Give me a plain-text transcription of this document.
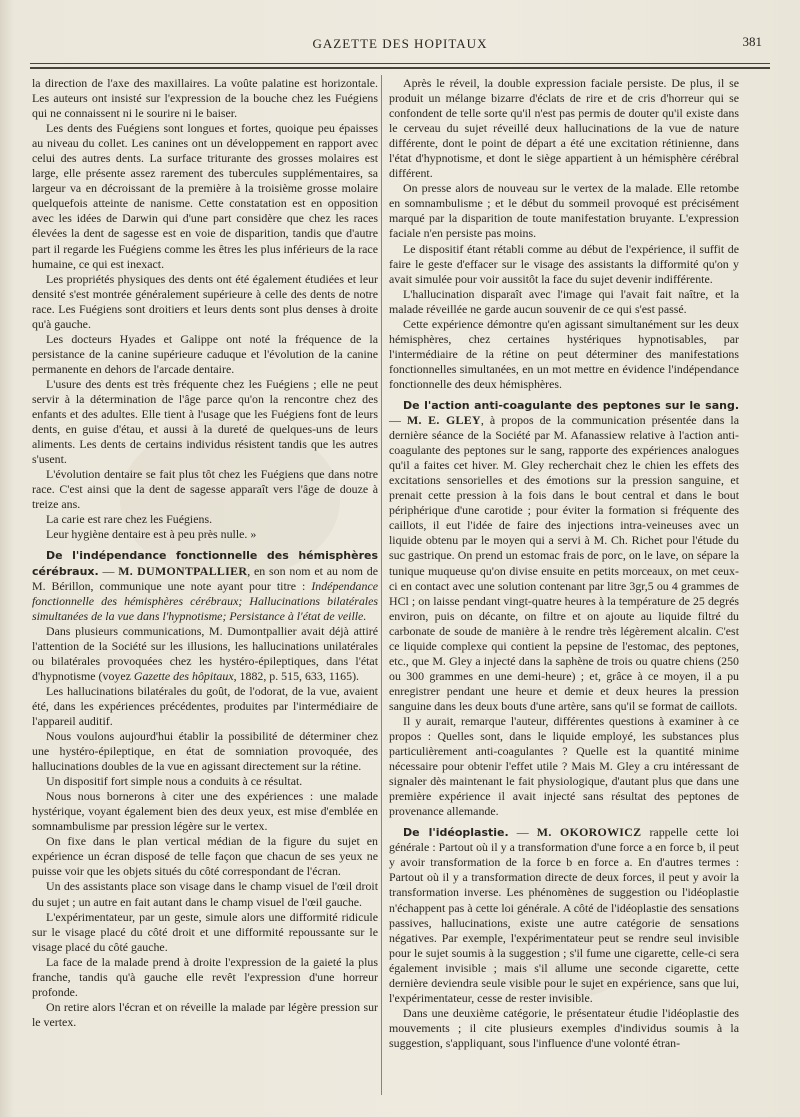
GAZETTE DES HOPITAUX	381

la direction de l'axe des maxillaires. La voûte palatine est horizontale. Les auteurs ont insisté sur l'expression de la bouche chez les Fuégiens qui ne connaissent ni le sourire ni le baiser.

Les dents des Fuégiens sont longues et fortes, quoique peu épaisses au niveau du collet. Les canines ont un développement en rapport avec celui des autres dents. La surface triturante des grosses molaires est large, elle présente assez rarement des tubercules supplémentaires, sa largeur va en décroissant de la première à la troisième grosse molaire quelquefois atteinte de nanisme. Cette constatation est en opposition avec les idées de Darwin qui d'une part considère que chez les races élevées la dent de sagesse est en voie de disparition, tandis que d'autre part il regarde les Fuégiens comme les êtres les plus inférieurs de la race humaine, ce qui est inexact.

Les propriétés physiques des dents ont été également étudiées et leur densité s'est montrée généralement supérieure à celle des dents de notre race. Les Fuégiens sont droitiers et leurs dents sont plus denses à droite qu'à gauche.

Les docteurs Hyades et Galippe ont noté la fréquence de la persistance de la canine supérieure caduque et l'évolution de la canine permanente en dehors de l'arcade dentaire.

L'usure des dents est très fréquente chez les Fuégiens ; elle ne peut servir à la détermination de l'âge parce qu'on la rencontre chez des enfants et des adultes. Elle tient à l'usage que les Fuégiens font de leurs dents, en guise d'étau, et aussi à la dureté de quelques-uns de leurs aliments. Les dents de certains individus résistent tandis que les autres s'usent.

L'évolution dentaire se fait plus tôt chez les Fuégiens que dans notre race. C'est ainsi que la dent de sagesse apparaît vers l'âge de douze à treize ans.

La carie est rare chez les Fuégiens.

Leur hygiène dentaire est à peu près nulle. »

De l'indépendance fonctionnelle des hémisphères cérébraux. — M. DUMONTPALLIER, en son nom et au nom de M. Bérillon, communique une note ayant pour titre : Indépendance fonctionnelle des hémisphères cérébraux; Hallucinations bilatérales simultanées de la vue dans l'hypnotisme; Persistance à l'état de veille.

Dans plusieurs communications, M. Dumontpallier avait déjà attiré l'attention de la Société sur les illusions, les hallucinations unilatérales ou bilatérales provoquées chez les hystéro-épileptiques, dans l'état d'hypnotisme (voyez Gazette des hôpitaux, 1882, p. 515, 633, 1165).

Les hallucinations bilatérales du goût, de l'odorat, de la vue, avaient été, dans les expériences précédentes, produites par l'intermédiaire de l'appareil auditif.

Nous voulons aujourd'hui établir la possibilité de déterminer chez une hystéro-épileptique, en état de somniation provoquée, des hallucinations doubles de la vue en agissant directement sur la rétine.

Un dispositif fort simple nous a conduits à ce résultat.

Nous nous bornerons à citer une des expériences : une malade hystérique, voyant également bien des deux yeux, est mise d'emblée en somnambulisme par pression légère sur le vertex.

On fixe dans le plan vertical médian de la figure du sujet en expérience un écran disposé de telle façon que chacun de ses yeux ne puisse voir que les objets situés du côté correspondant de l'écran.

Un des assistants place son visage dans le champ visuel de l'œil droit du sujet ; un autre en fait autant dans le champ visuel de l'œil gauche.

L'expérimentateur, par un geste, simule alors une difformité ridicule sur le visage placé du côté droit et une difformité repoussante sur le visage placé du côté gauche.

La face de la malade prend à droite l'expression de la gaieté la plus franche, tandis qu'à gauche elle revêt l'expression d'une horreur profonde.

On retire alors l'écran et on réveille la malade par légère pression sur le vertex.

Après le réveil, la double expression faciale persiste. De plus, il se produit un mélange bizarre d'éclats de rire et de cris d'horreur qui se confondent de telle sorte qu'il n'est pas permis de douter qu'il existe dans le cerveau du sujet réveillé deux hallucinations de la vue de nature différente, dont le point de départ a été une excitation rétinienne, dans l'état d'hypnotisme, et dont le siège appartient à un hémisphère cérébral différent.

On presse alors de nouveau sur le vertex de la malade. Elle retombe en somnambulisme ; et le début du sommeil provoqué est précisément marqué par la disparition de toute manifestation bruyante. L'expression faciale n'en persiste pas moins.

Le dispositif étant rétabli comme au début de l'expérience, il suffit de faire le geste d'effacer sur le visage des assistants la difformité qu'on y avait simulée pour voir aussitôt la face du sujet devenir indifférente.

L'hallucination disparaît avec l'image qui l'avait fait naître, et la malade réveillée ne garde aucun souvenir de ce qui s'est passé.

Cette expérience démontre qu'en agissant simultanément sur les deux hémisphères, chez certaines hystériques hypnotisables, par l'intermédiaire de la rétine on peut déterminer des manifestations fonctionnelles simultanées, en un mot mettre en évidence l'indépendance fonctionnelle des deux hémisphères.

De l'action anti-coagulante des peptones sur le sang. — M. E. GLEY, à propos de la communication présentée dans la dernière séance de la Société par M. Afanassiew relative à l'action anti-coagulante des peptones sur le sang, rapporte des expériences analogues qu'il a faites cet hiver. M. Gley recherchait chez le chien les effets des excitations sensorielles et des émotions sur la pression sanguine, et prenait cette pression à la fois dans le bout central et dans le bout périphérique d'une carotide ; pour éviter la formation si fréquente des caillots, il eut l'idée de faire des injections intra-veineuses avec un liquide obtenu par le moyen qui a servi à M. Ch. Richet pour l'étude du suc gastrique. On prend un estomac frais de porc, on le lave, on sépare la tunique muqueuse qu'on divise ensuite en petits morceaux, on met ceux-ci en contact avec une solution contenant par litre 3gr,5 ou 4 grammes de HCl ; on laisse pendant vingt-quatre heures à la température de 25 degrés environ, puis on décante, on filtre et on ajoute au liquide filtré du carbonate de soude de manière à le rendre très légèrement alcalin. C'est ce liquide complexe qui contient la pepsine de l'estomac, des peptones, etc., que M. Gley a injecté dans la saphène de trois ou quatre chiens (250 ou 300 grammes en une demi-heure) ; et, grâce à ce moyen, il a pu enregistrer pendant une heure et demie et deux heures la pression sanguine dans les deux bouts d'une artère, sans qu'il se format de caillots.

Il y aurait, remarque l'auteur, différentes questions à examiner à ce propos : Quelles sont, dans le liquide employé, les substances plus particulièrement anti-coagulantes ? Quelle est la quantité minime nécessaire pour obtenir l'effet utile ? Mais M. Gley a cru intéressant de signaler dès maintenant le fait physiologique, d'autant plus que dans une première expérience il avait injecté sans résultat des peptones de provenance allemande.

De l'idéoplastie. — M. OKOROWICZ rappelle cette loi générale : Partout où il y a transformation d'une force a en force b, il peut y avoir transformation de la force b en force a. En d'autres termes : Partout où il y a transformation directe de deux forces, il peut y avoir la transformation inverse. Les phénomènes de suggestion ou l'idéoplastie n'échappent pas à cette loi générale. A côté de l'idéoplastie des sensations passives, hallucinations, existe une autre catégorie de sensations négatives. Par exemple, l'expérimentateur peut se rendre seul invisible pour le sujet soumis à la suggestion ; s'il fume une cigarette, celle-ci sera également invisible ; mais s'il allume une seconde cigarette, cette dernière deviendra seule visible pour le sujet en expérience, sans que lui, l'expérimentateur, cesse de rester invisible.

Dans une deuxième catégorie, le présentateur étudie l'idéoplastie des mouvements ; il cite plusieurs exemples d'individus soumis à la suggestion, s'appliquant, sous l'influence d'une volonté étran-
